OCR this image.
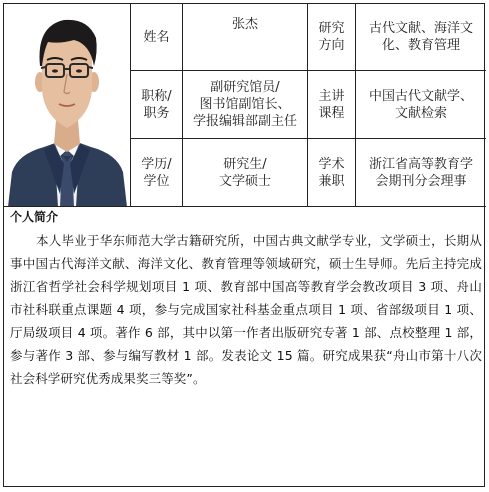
姓名
张杰	研究
方向
古代文献、海洋文
化、教育管理
职称/
职务
副研究馆员/
图书馆副馆长、
学报编辑部副主任
主讲
课程
中国古代文献学、
文献检索
学历/
学位
研究生/
文学硕士
学术
兼职
浙江省高等教育学
会期刊分会理事
个人简介

本人毕业于华东师范大学古籍研究所，中国古典文献学专业，文学硕士，长期从事中国古代海洋文献、海洋文化、教育管理等领域研究，硕士生导师。先后主持完成浙江省哲学社会科学规划项目 1 项、教育部中国高等教育学会教改项目 3 项、舟山市社科联重点课题 4 项，参与完成国家社科基金重点项目 1 项、省部级项目 1 项、厅局级项目 4 项。著作 6 部，其中以第一作者出版研究专著 1 部、点校整理 1 部，参与著作 3 部、参与编写教材 1 部。发表论文 15 篇。研究成果获“舟山市第十八次社会科学研究优秀成果奖三等奖”。
